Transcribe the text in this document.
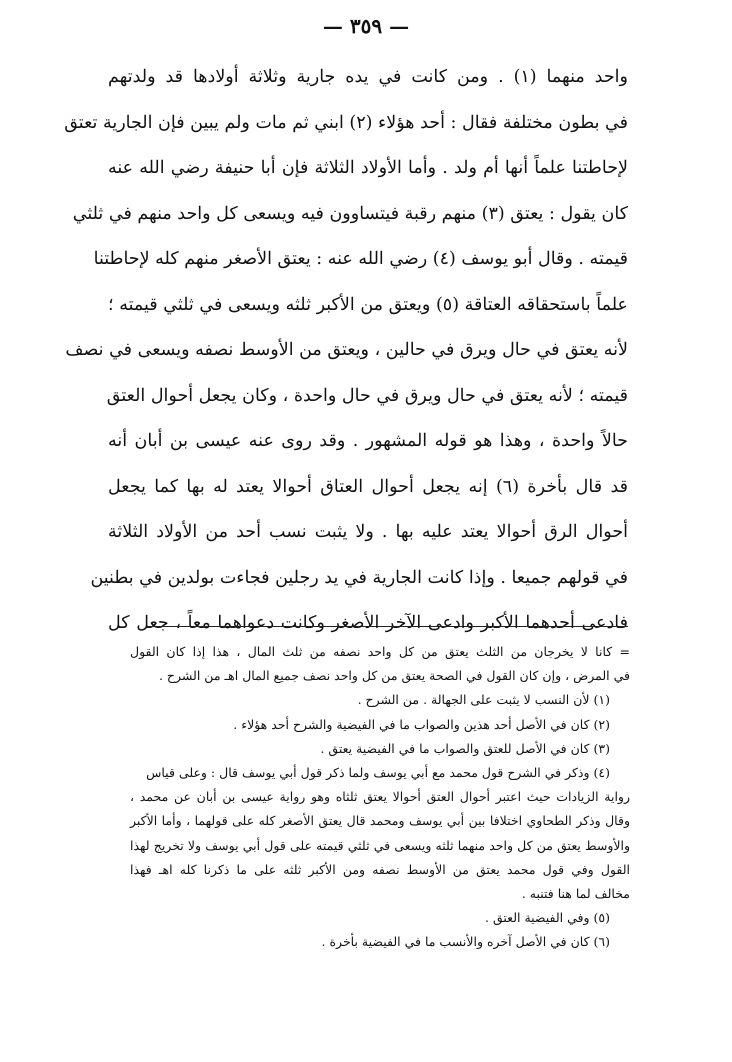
— ٣٥٩ —
واحد منهما (١) . ومن كانت في يده جارية وثلاثة أولادها قد ولدتهم
في بطون مختلفة فقال : أحد هؤلاء (٢) ابني ثم مات ولم يبين فإن الجارية تعتق
لإحاطتنا علماً أنها أم ولد . وأما الأولاد الثلاثة فإن أبا حنيفة رضي الله عنه
كان يقول : يعتق (٣) منهم رقبة فيتساوون فيه ويسعى كل واحد منهم في ثلثي
قيمته . وقال أبو يوسف (٤) رضي الله عنه : يعتق الأصغر منهم كله لإحاطتنا
علماً باستحقاقه العتاقة (٥) ويعتق من الأكبر ثلثه ويسعى في ثلثي قيمته ؛
لأنه يعتق في حال ويرق في حالين ، ويعتق من الأوسط نصفه ويسعى في نصف
قيمته ؛ لأنه يعتق في حال ويرق في حال واحدة ، وكان يجعل أحوال العتق
حالاً واحدة ، وهذا هو قوله المشهور . وقد روى عنه عيسى بن أبان أنه
قد قال بأخرة (٦) إنه يجعل أحوال العتاق أحوالا يعتد له بها كما يجعل
أحوال الرق أحوالا يعتد عليه بها . ولا يثبت نسب أحد من الأولاد الثلاثة
في قولهم جميعا . وإذا كانت الجارية في يد رجلين فجاءت بولدين في بطنين
فادعى أحدهما الأكبر وادعى الآخر الأصغر وكانت دعواهما معاً ، جعل كل
= كانا لا يخرجان من الثلث يعتق من كل واحد نصفه من ثلث المال ، هذا إذا كان القول
في المرض ، وإن كان القول في الصحة يعتق من كل واحد نصف جميع المال اهـ من الشرح .
(١) لأن النسب لا يثبت على الجهالة . من الشرح .
(٢) كان في الأصل أحد هذين والصواب ما في الفيضية والشرح أحد هؤلاء .
(٣) كان في الأصل للعتق والصواب ما في الفيضية يعتق .
(٤) وذكر في الشرح قول محمد مع أبي يوسف ولما ذكر قول أبي يوسف قال : وعلى قياس
رواية الزيادات حيث اعتبر أحوال العتق أحوالا يعتق ثلثاه وهو رواية عيسى بن أبان عن محمد ،
وقال وذكر الطحاوي اختلافا بين أبي يوسف ومحمد قال يعتق الأصغر كله على قولهما ، وأما الأكبر
والأوسط يعتق من كل واحد منهما ثلثه ويسعى في ثلثي قيمته على قول أبي يوسف ولا تخريج لهذا
القول وفي قول محمد يعتق من الأوسط نصفه ومن الأكبر ثلثه على ما ذكرنا كله اهـ فهذا
مخالف لما هنا فتنبه .
(٥) وفي الفيضية العتق .
(٦) كان في الأصل آخره والأنسب ما في الفيضية بأخرة .
